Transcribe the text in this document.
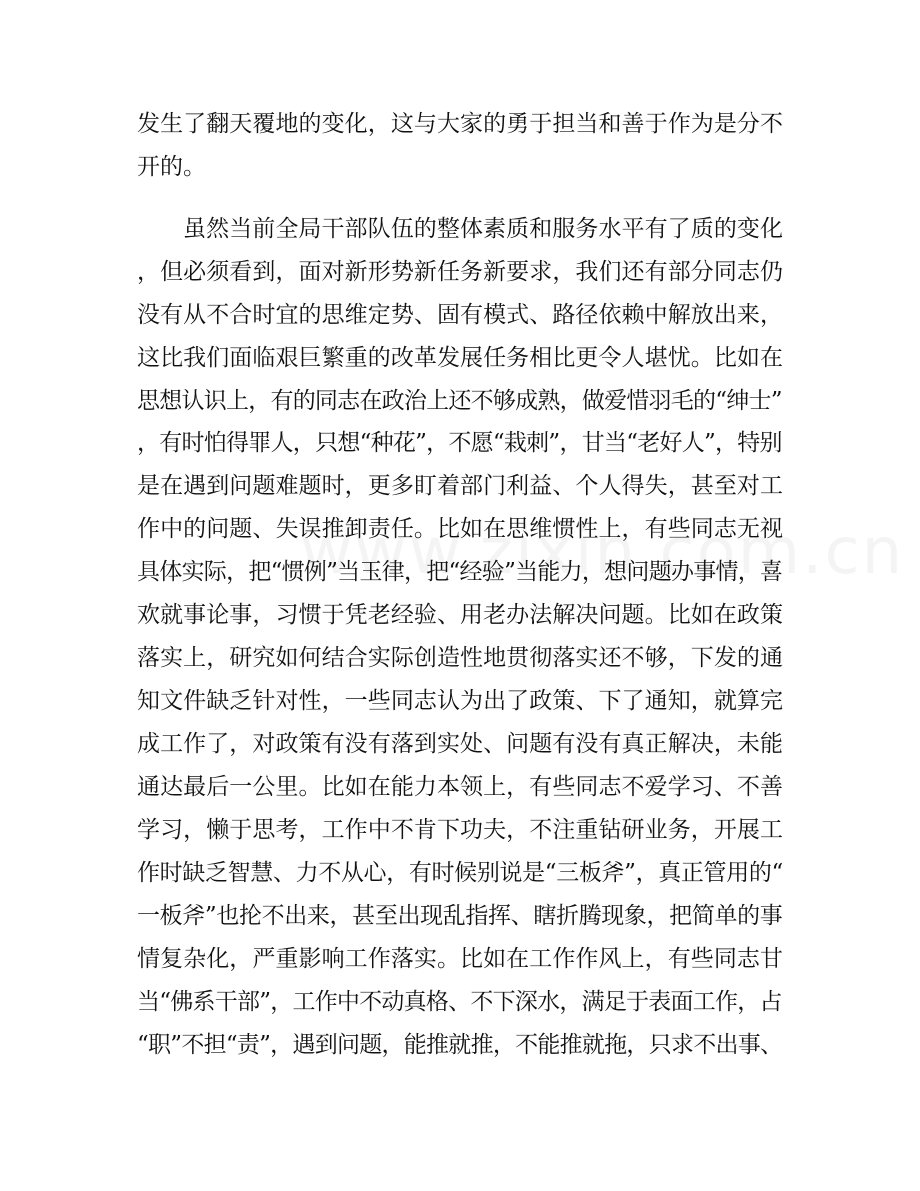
发生了翻天覆地的变化，这与大家的勇于担当和善于作为是分不
开的。
虽然当前全局干部队伍的整体素质和服务水平有了质的变化
，但必须看到，面对新形势新任务新要求，我们还有部分同志仍
没有从不合时宜的思维定势、固有模式、路径依赖中解放出来，
这比我们面临艰巨繁重的改革发展任务相比更令人堪忧。比如在
思想认识上，有的同志在政治上还不够成熟，做爱惜羽毛的“绅士”
，有时怕得罪人，只想“种花”，不愿“栽刺”，甘当“老好人”，特别
是在遇到问题难题时，更多盯着部门利益、个人得失，甚至对工
作中的问题、失误推卸责任。比如在思维惯性上，有些同志无视
具体实际，把“惯例”当玉律，把“经验”当能力，想问题办事情，喜
欢就事论事，习惯于凭老经验、用老办法解决问题。比如在政策
落实上，研究如何结合实际创造性地贯彻落实还不够，下发的通
知文件缺乏针对性，一些同志认为出了政策、下了通知，就算完
成工作了，对政策有没有落到实处、问题有没有真正解决，未能
通达最后一公里。比如在能力本领上，有些同志不爱学习、不善
学习，懒于思考，工作中不肯下功夫，不注重钻研业务，开展工
作时缺乏智慧、力不从心，有时候别说是“三板斧”，真正管用的“
一板斧”也抡不出来，甚至出现乱指挥、瞎折腾现象，把简单的事
情复杂化，严重影响工作落实。比如在工作作风上，有些同志甘
当“佛系干部”，工作中不动真格、不下深水，满足于表面工作，占
“职”不担“责”，遇到问题，能推就推，不能推就拖，只求不出事、
